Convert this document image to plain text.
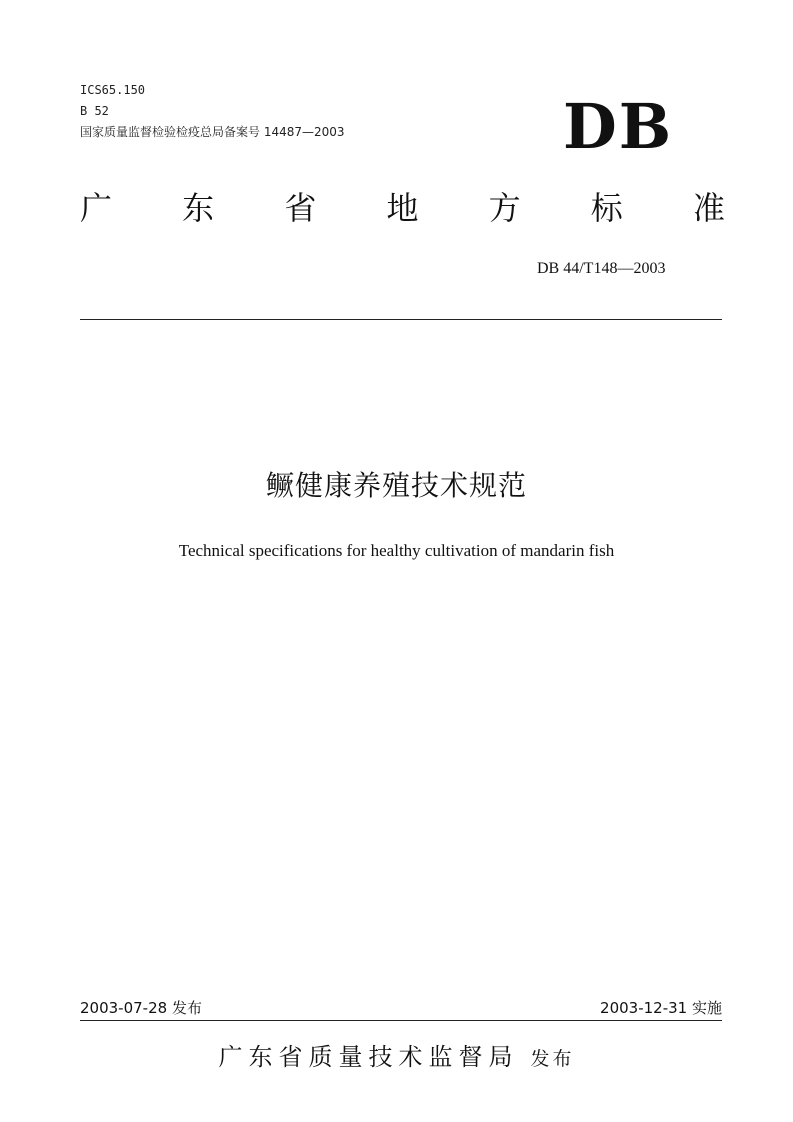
ICS65.150
B 52
国家质量监督检验检疫总局备案号 14487—2003	DB
广 东 省 地 方 标 准
DB 44/T148—2003
鳜健康养殖技术规范
Technical specifications for healthy cultivation of mandarin fish
2003-07-28 发布	2003-12-31 实施
广东省质量技术监督局 发布
